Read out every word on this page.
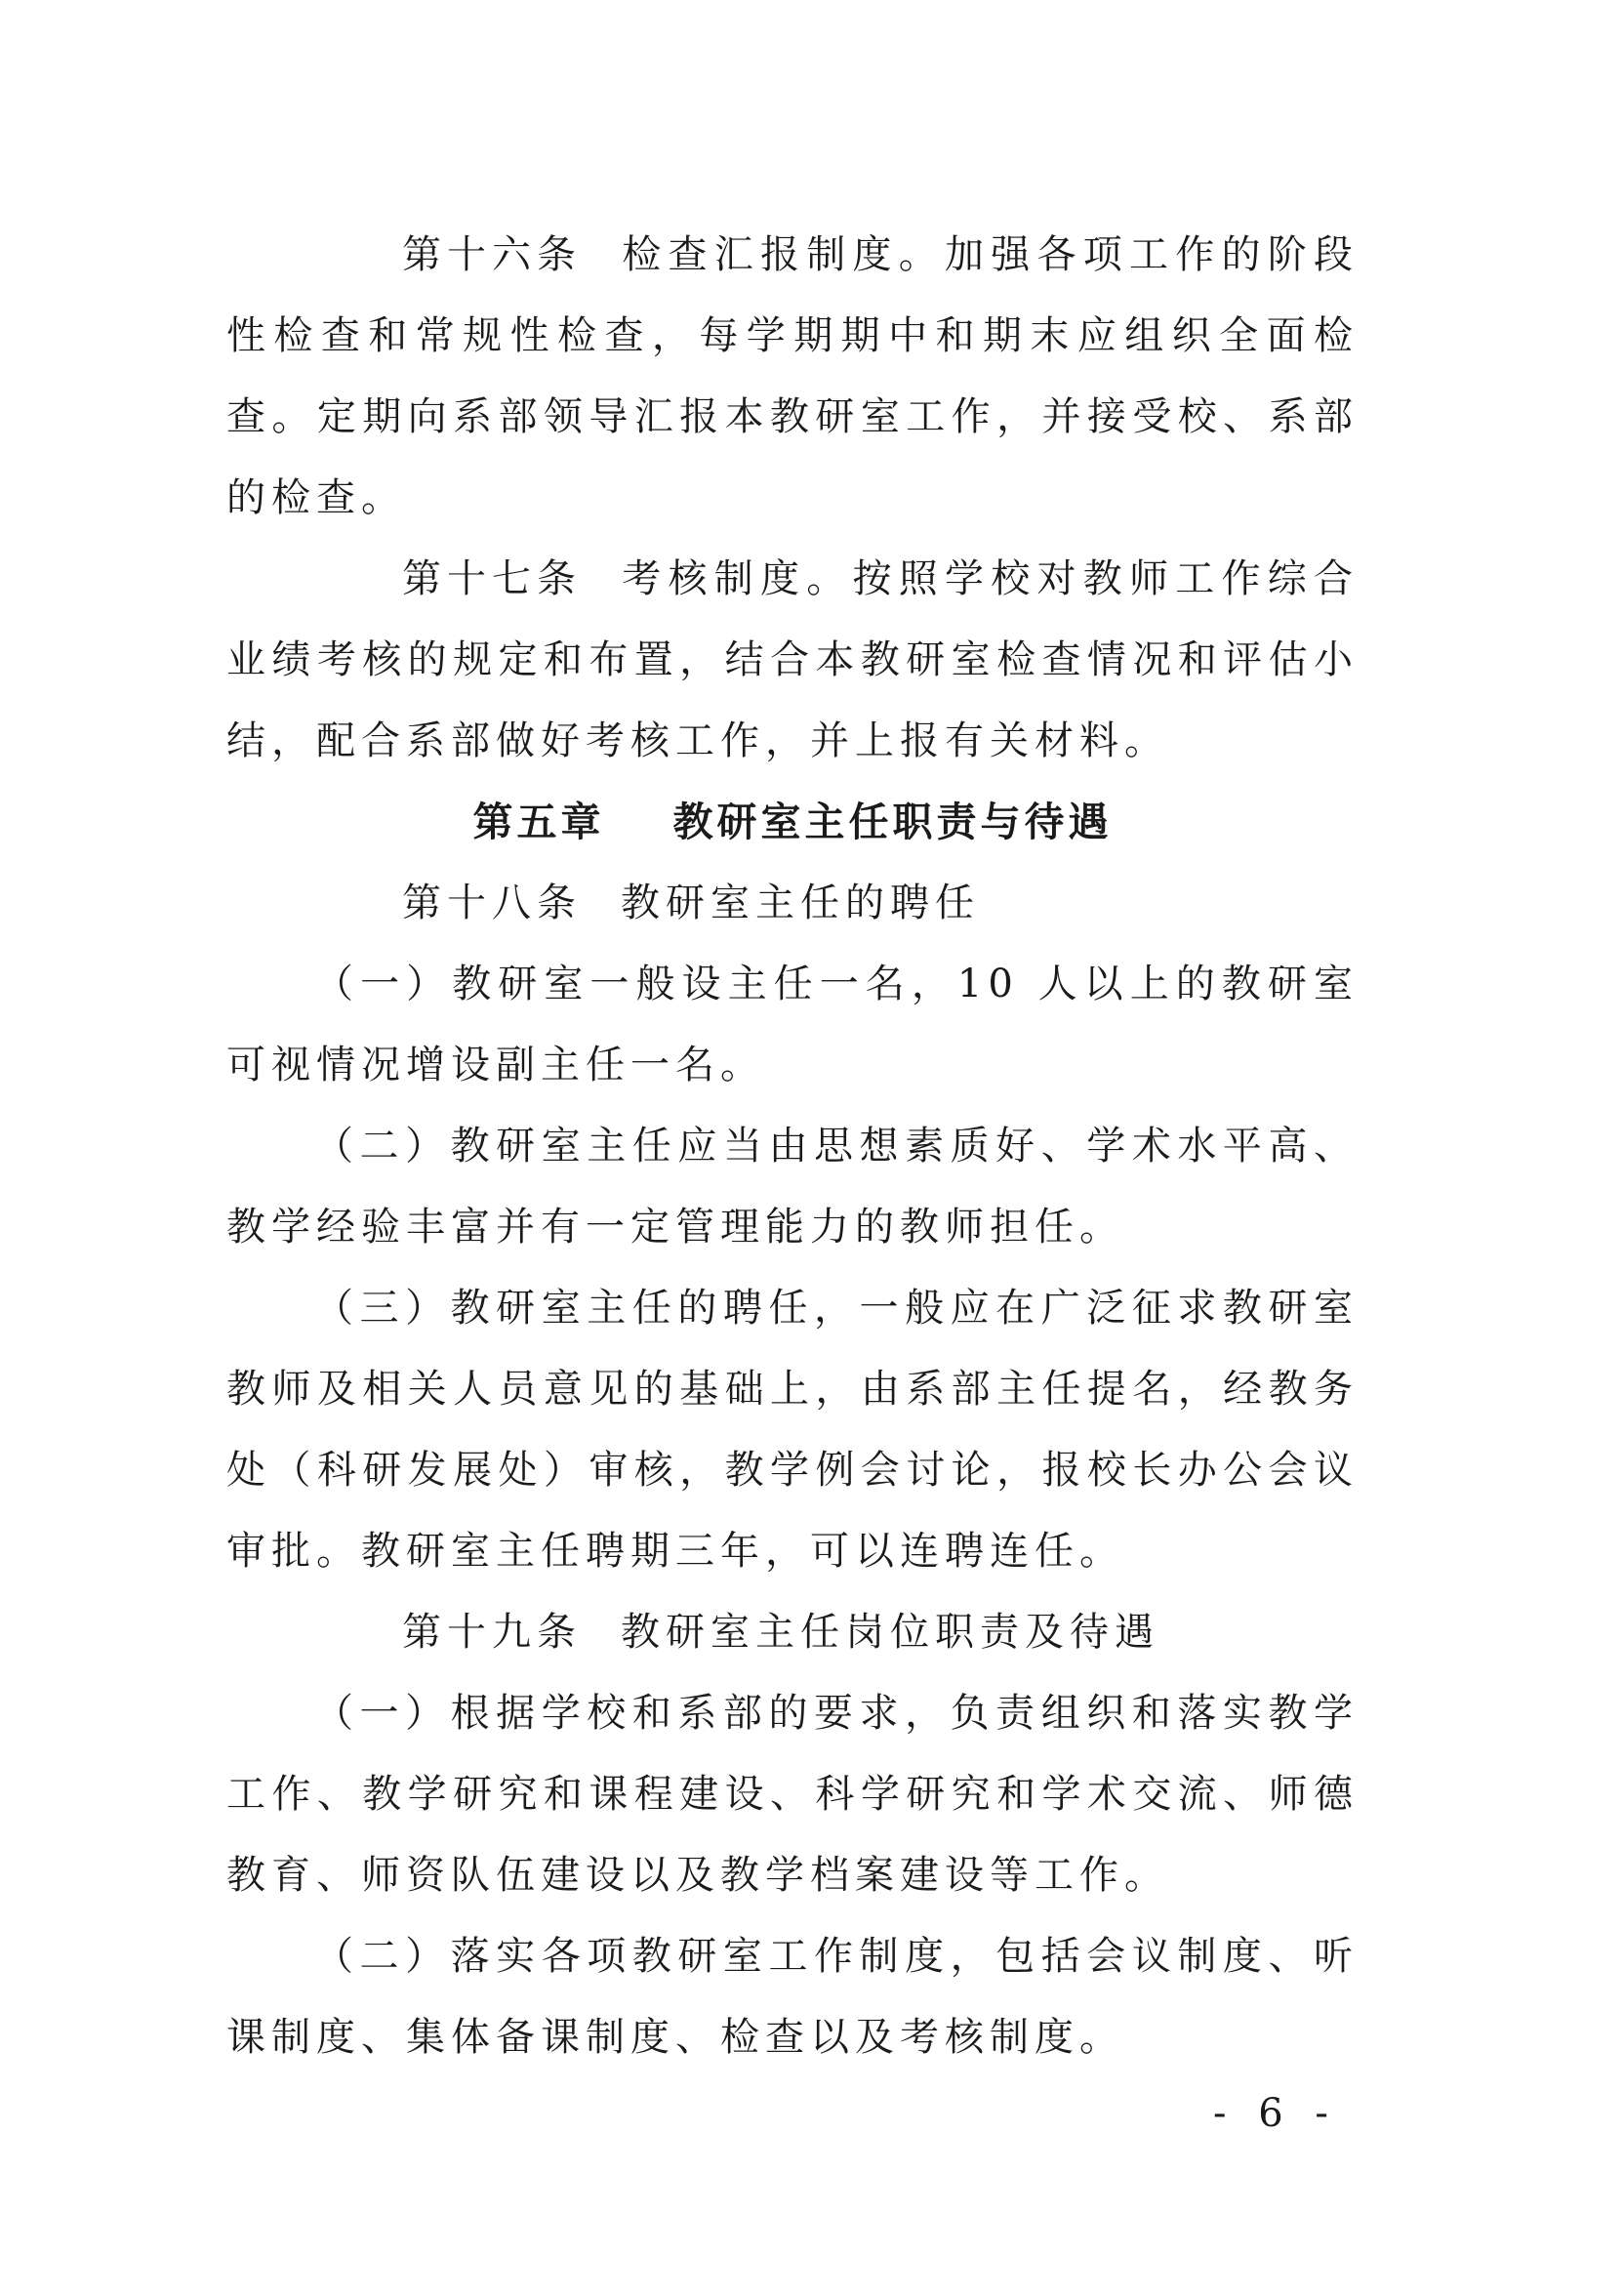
第十六条 检查汇报制度。加强各项工作的阶段性检查和常规性检查，每学期期中和期末应组织全面检查。定期向系部领导汇报本教研室工作，并接受校、系部的检查。

第十七条 考核制度。按照学校对教师工作综合业绩考核的规定和布置，结合本教研室检查情况和评估小结，配合系部做好考核工作，并上报有关材料。

第五章 教研室主任职责与待遇

第十八条 教研室主任的聘任

（一）教研室一般设主任一名，10 人以上的教研室可视情况增设副主任一名。

（二）教研室主任应当由思想素质好、学术水平高、教学经验丰富并有一定管理能力的教师担任。

（三）教研室主任的聘任，一般应在广泛征求教研室教师及相关人员意见的基础上，由系部主任提名，经教务处（科研发展处）审核，教学例会讨论，报校长办公会议审批。教研室主任聘期三年，可以连聘连任。

第十九条 教研室主任岗位职责及待遇

（一）根据学校和系部的要求，负责组织和落实教学工作、教学研究和课程建设、科学研究和学术交流、师德教育、师资队伍建设以及教学档案建设等工作。

（二）落实各项教研室工作制度，包括会议制度、听课制度、集体备课制度、检查以及考核制度。

- 6 -
